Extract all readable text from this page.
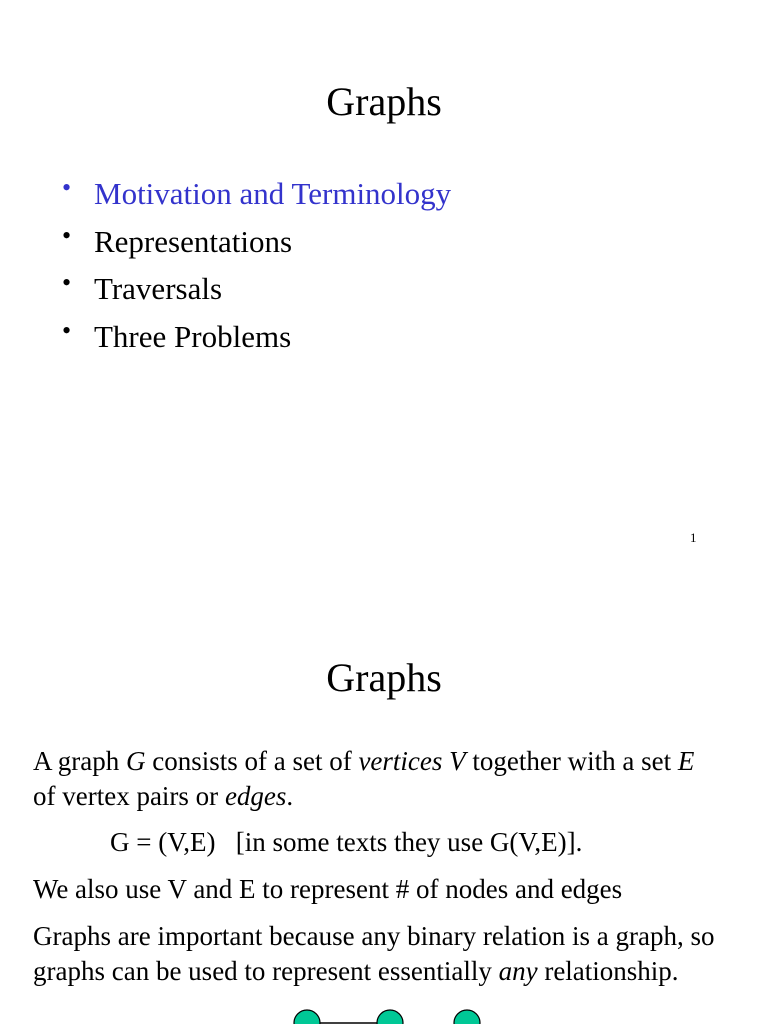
Graphs
• Motivation and Terminology
• Representations
• Traversals
• Three Problems
1
Graphs

A graph G consists of a set of vertices V together with a set E of vertex pairs or edges.

G = (V,E)   [in some texts they use G(V,E)].

We also use V and E to represent # of nodes and edges

Graphs are important because any binary relation is a graph, so graphs can be used to represent essentially any relationship.
